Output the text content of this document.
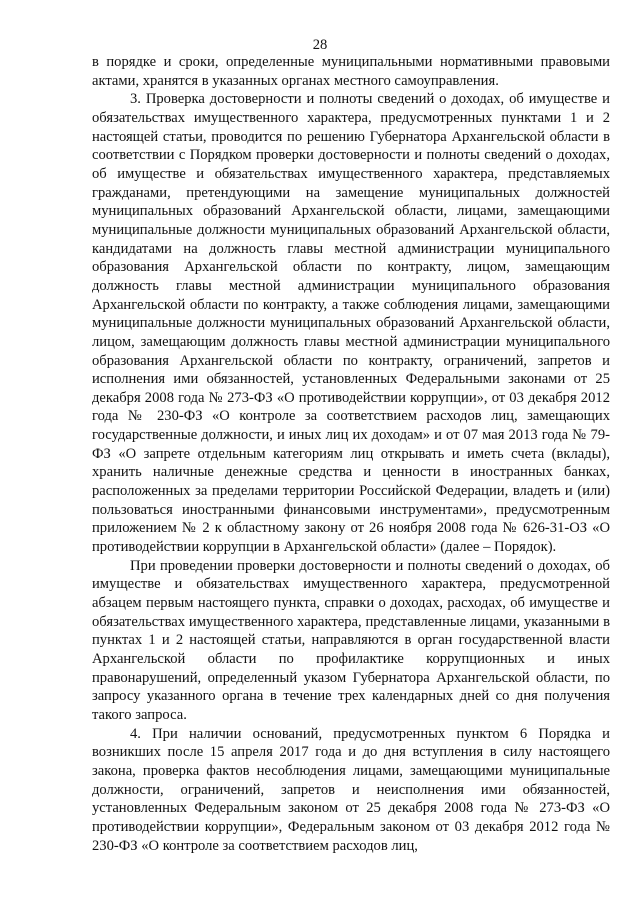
28

в порядке и сроки, определенные муниципальными нормативными правовыми актами, хранятся в указанных органах местного самоуправления.

3. Проверка достоверности и полноты сведений о доходах, об имуществе и обязательствах имущественного характера, предусмотренных пунктами 1 и 2 настоящей статьи, проводится по решению Губернатора Архангельской области в соответствии с Порядком проверки достоверности и полноты сведений о доходах, об имуществе и обязательствах имущественного характера, представляемых гражданами, претендующими на замещение муниципальных должностей муниципальных образований Архангельской области, лицами, замещающими муниципальные должности муниципальных образований Архангельской области, кандидатами на должность главы местной администрации муниципального образования Архангельской области по контракту, лицом, замещающим должность главы местной администрации муниципального образования Архангельской области по контракту, а также соблюдения лицами, замещающими муниципальные должности муниципальных образований Архангельской области, лицом, замещающим должность главы местной администрации муниципального образования Архангельской области по контракту, ограничений, запретов и исполнения ими обязанностей, установленных Федеральными законами от 25 декабря 2008 года № 273-ФЗ «О противодействии коррупции», от 03 декабря 2012 года № 230-ФЗ «О контроле за соответствием расходов лиц, замещающих государственные должности, и иных лиц их доходам» и от 07 мая 2013 года № 79-ФЗ «О запрете отдельным категориям лиц открывать и иметь счета (вклады), хранить наличные денежные средства и ценности в иностранных банках, расположенных за пределами территории Российской Федерации, владеть и (или) пользоваться иностранными финансовыми инструментами», предусмотренным приложением № 2 к областному закону от 26 ноября 2008 года № 626-31-ОЗ «О противодействии коррупции в Архангельской области» (далее – Порядок).

При проведении проверки достоверности и полноты сведений о доходах, об имуществе и обязательствах имущественного характера, предусмотренной абзацем первым настоящего пункта, справки о доходах, расходах, об имуществе и обязательствах имущественного характера, представленные лицами, указанными в пунктах 1 и 2 настоящей статьи, направляются в орган государственной власти Архангельской области по профилактике коррупционных и иных правонарушений, определенный указом Губернатора Архангельской области, по запросу указанного органа в течение трех календарных дней со дня получения такого запроса.

4. При наличии оснований, предусмотренных пунктом 6 Порядка и возникших после 15 апреля 2017 года и до дня вступления в силу настоящего закона, проверка фактов несоблюдения лицами, замещающими муниципальные должности, ограничений, запретов и неисполнения ими обязанностей, установленных Федеральным законом от 25 декабря 2008 года № 273-ФЗ «О противодействии коррупции», Федеральным законом от 03 декабря 2012 года № 230-ФЗ «О контроле за соответствием расходов лиц,
